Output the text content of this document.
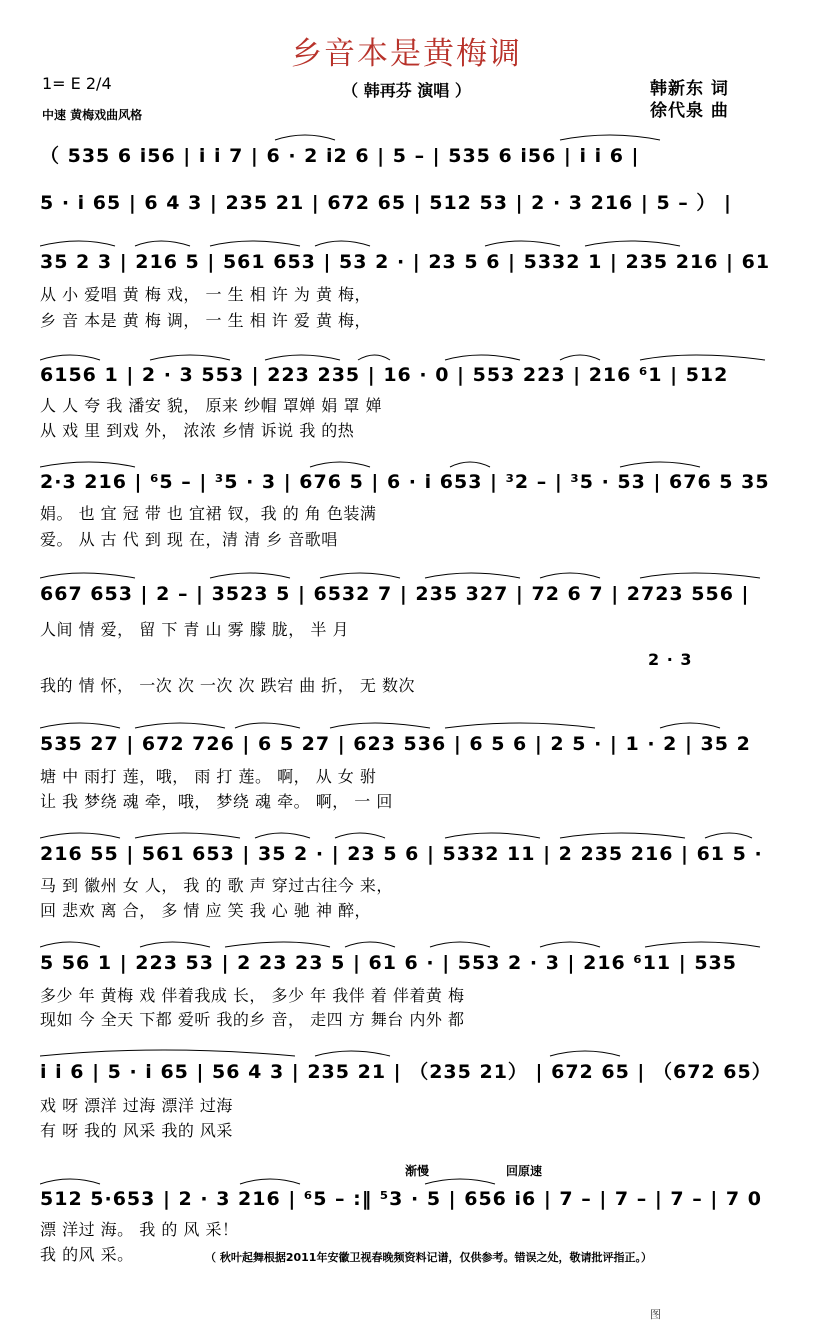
乡音本是黄梅调
（ 韩再芬 演唱 ）
1= E 2/4
中速 黄梅戏曲风格
韩新东 词
徐代泉 曲
（ 535 6 i56 | i i 7 | 6 · 2 i2 6 | 5 – | 535 6 i56 | i i 6 |
5 · i 65 | 6 4 3 | 235 21 | 672 65 | 512 53 | 2 · 3 216 | 5 – ） |
35 2 3 | 216 5 | 561 653 | 53 2 · | 23 5 6 | 5332 1 | 235 216 | 61
从 小 爱唱 黄 梅 戏， 一 生 相 许 为 黄 梅，
乡 音 本是 黄 梅 调， 一 生 相 许 爱 黄 梅，
6156 1 | 2 · 3 553 | 223 235 | 16 · 0 | 553 223 | 216 ⁶1 | 512
人 人 夸 我 潘安 貌， 原来 纱帽 罩婵 娟 罩 婵
从 戏 里 到戏 外， 浓浓 乡情 诉说 我 的热
2·3 216 | ⁶5 – | ³5 · 3 | 676 5 | 6 · i 653 | ³2 – | ³5 · 53 | 676 5 35
娟。 也 宜 冠 带 也 宜裙 钗，我 的 角 色装满
爱。 从 古 代 到 现 在，清 清 乡 音歌唱
667 653 | 2 – | 3523 5 | 6532 7 | 235 327 | 72 6 7 | 2723 556 |
人间 情 爱， 留 下 青 山 雾 朦 胧， 半 月
2 · 3
我的 情 怀， 一次 次 一次 次 跌宕 曲 折， 无 数次
535 27 | 672 726 | 6 5 27 | 623 536 | 6 5 6 | 2 5 · | 1 · 2 | 35 2
塘 中 雨打 莲，哦， 雨 打 莲。 啊， 从 女 驸
让 我 梦绕 魂 牵，哦， 梦绕 魂 牵。 啊， 一 回
216 55 | 561 653 | 35 2 · | 23 5 6 | 5332 11 | 2 235 216 | 61 5 ·
马 到 徽州 女 人， 我 的 歌 声 穿过古往今 来，
回 悲欢 离 合， 多 情 应 笑 我 心 驰 神 醉，
5 56 1 | 223 53 | 2 23 23 5 | 61 6 · | 553 2 · 3 | 216 ⁶11 | 535
多少 年 黄梅 戏 伴着我成 长， 多少 年 我伴 着 伴着黄 梅
现如 今 全天 下都 爱听 我的乡 音， 走四 方 舞台 内外 都
i i 6 | 5 · i 65 | 56 4 3 | 235 21 | （235 21） | 672 65 | （672 65）
戏 呀 漂洋 过海 漂洋 过海
有 呀 我的 风采 我的 风采
渐慢	回原速
512 5·653 | 2 · 3 216 | ⁶5 – :‖ ⁵3 · 5 | 656 i6 | 7 – | 7 – | 7 – | 7 0
漂 洋过 海。 我 的 风 采！
我 的风 采。	（ 秋叶起舞根据2011年安徽卫视春晚频资料记谱，仅供参考。错误之处，敬请批评指正。）
图
